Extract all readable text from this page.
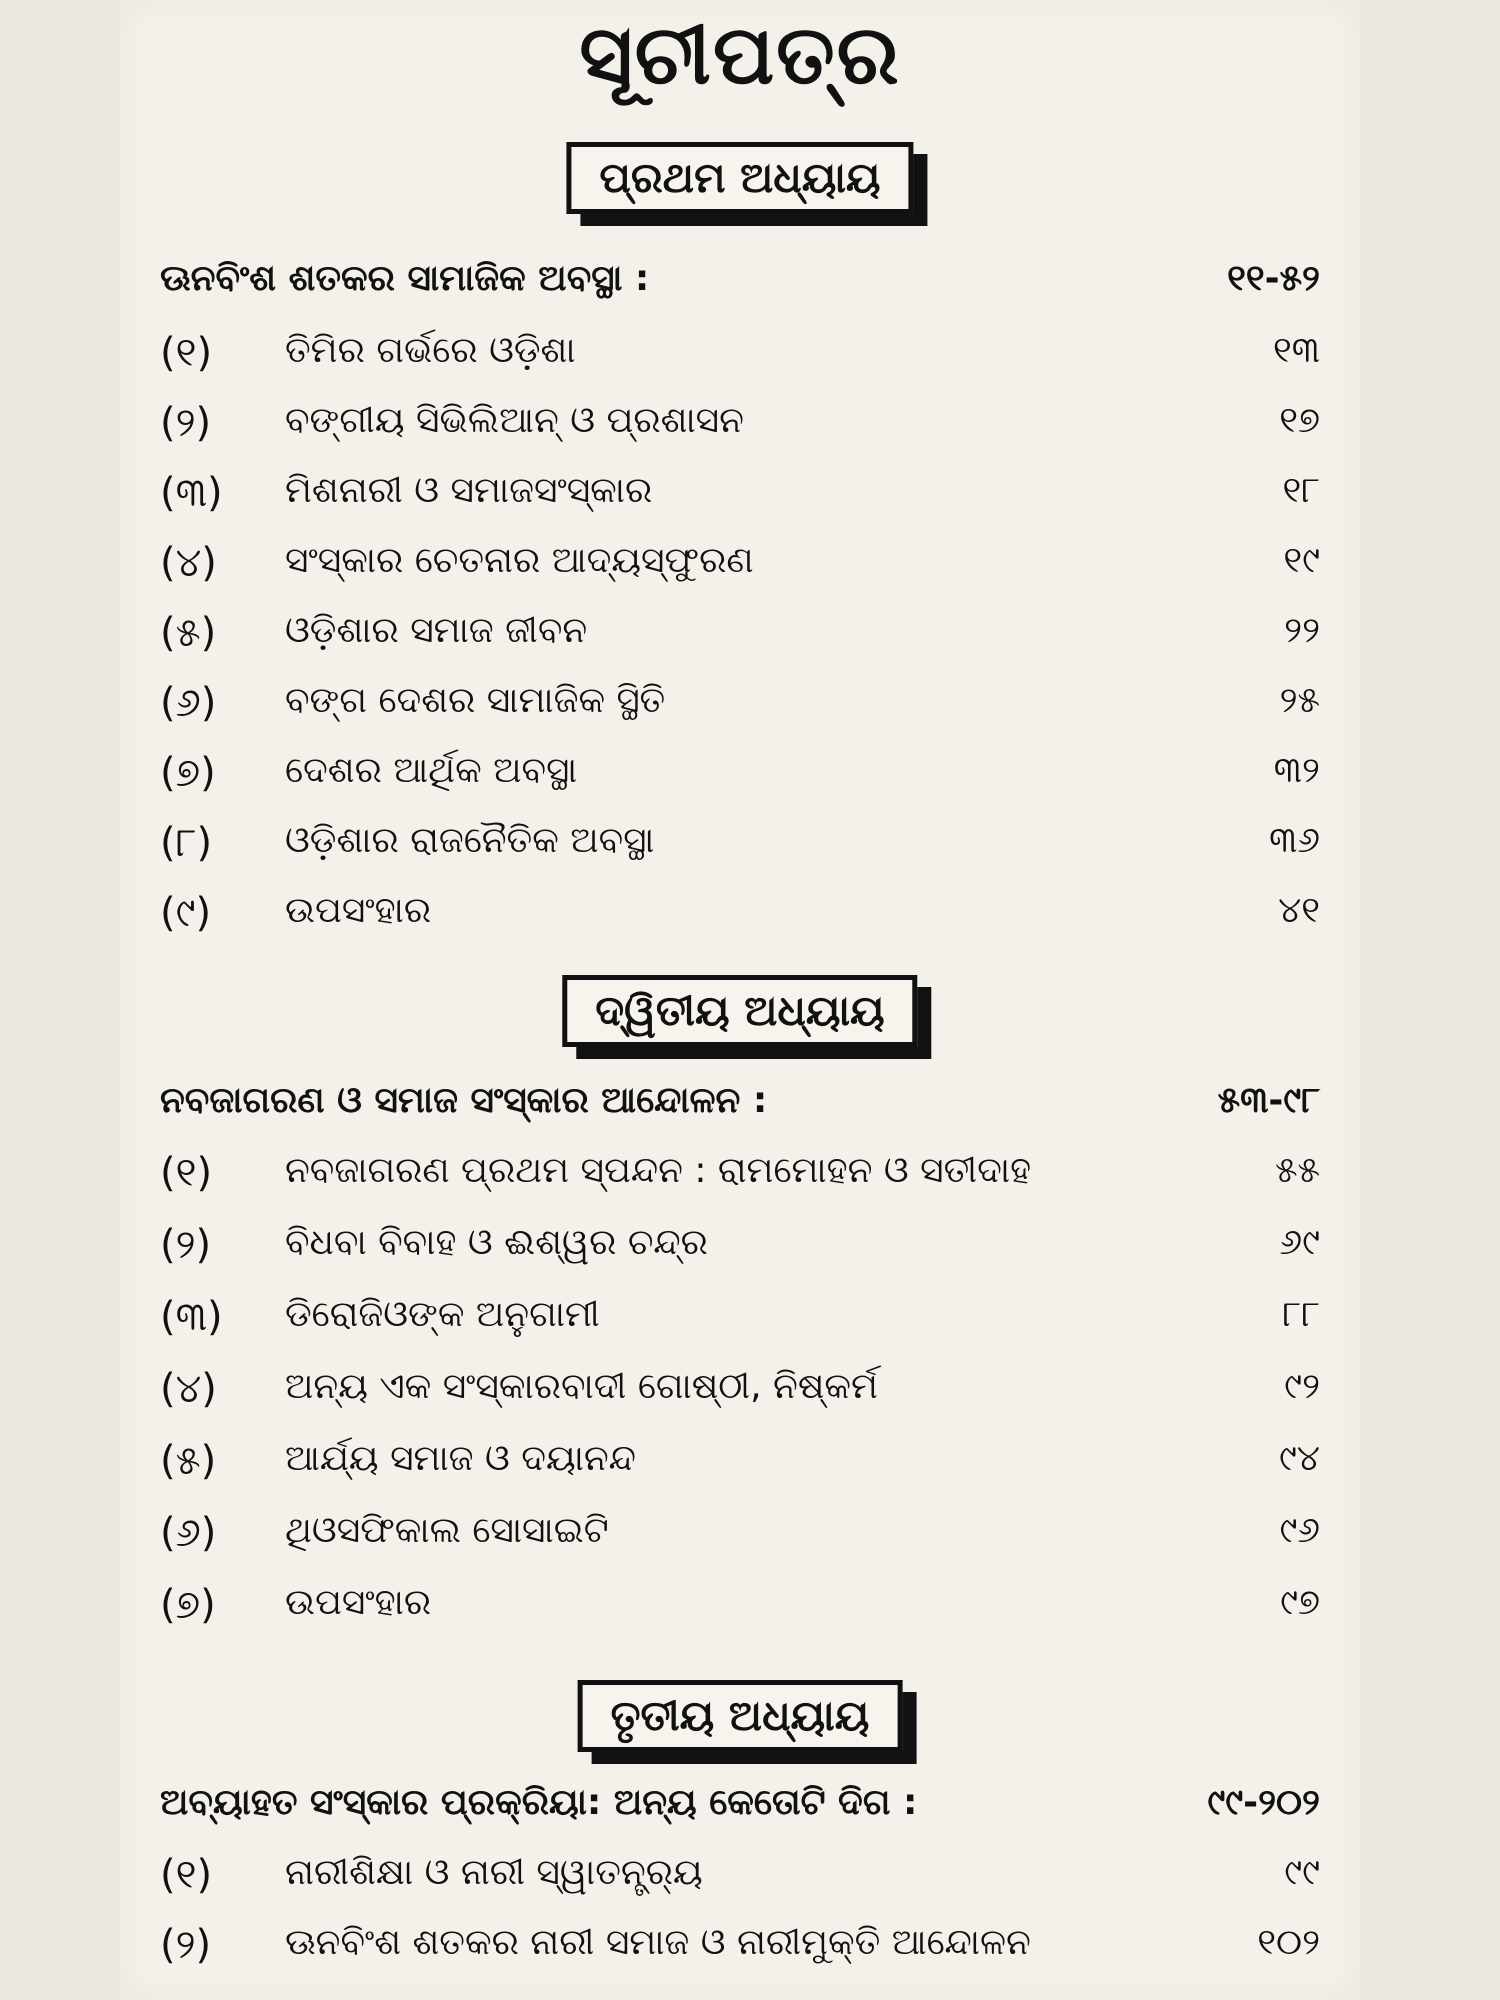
ସୂଚୀପତ୍ର
ପ୍ରଥମ ଅଧ୍ୟାୟ
ଊନବିଂଶ ଶତକର ସାମାଜିକ ଅବସ୍ଥା :	୧୧-୫୨
(୧) ତିମିର ଗର୍ଭରେ ଓଡ଼ିଶା	୧୩
(୨) ବଙ୍ଗୀୟ ସିଭିଲିଆନ୍ ଓ ପ୍ରଶାସନ	୧୭
(୩) ମିଶନାରୀ ଓ ସମାଜସଂସ୍କାର	୧୮
(୪) ସଂସ୍କାର ଚେତନାର ଆଦ୍ୟସ୍ଫୁରଣ	୧୯
(୫) ଓଡ଼ିଶାର ସମାଜ ଜୀବନ	୨୨
(୬) ବଙ୍ଗ ଦେଶର ସାମାଜିକ ସ୍ଥିତି	୨୫
(୭) ଦେଶର ଆର୍ଥିକ ଅବସ୍ଥା	୩୨
(୮) ଓଡ଼ିଶାର ରାଜନୈତିକ ଅବସ୍ଥା	୩୬
(୯) ଉପସଂହାର	୪୧
ଦ୍ୱିତୀୟ ଅଧ୍ୟାୟ
ନବଜାଗରଣ ଓ ସମାଜ ସଂସ୍କାର ଆନ୍ଦୋଳନ :	୫୩-୯୮
(୧) ନବଜାଗରଣ ପ୍ରଥମ ସ୍ପନ୍ଦନ : ରାମମୋହନ ଓ ସତୀଦାହ	୫୫
(୨) ବିଧବା ବିବାହ ଓ ଈଶ୍ୱର ଚନ୍ଦ୍ର	୬୯
(୩) ଡିରୋଜିଓଙ୍କ ଅନୁଗାମୀ	୮୮
(୪) ଅନ୍ୟ ଏକ ସଂସ୍କାରବାଦୀ ଗୋଷ୍ଠୀ, ନିଷ୍କର୍ମ	୯୨
(୫) ଆର୍ଯ୍ୟ ସମାଜ ଓ ଦୟାନନ୍ଦ	୯୪
(୬) ଥିଓସଫିକାଲ ସୋସାଇଟି	୯୬
(୭) ଉପସଂହାର	୯୭
ତୃତୀୟ ଅଧ୍ୟାୟ
ଅବ୍ୟାହତ ସଂସ୍କାର ପ୍ରକ୍ରିୟା: ଅନ୍ୟ କେତୋଟି ଦିଗ :	୯୯-୨୦୨
(୧) ନାରୀଶିକ୍ଷା ଓ ନାରୀ ସ୍ୱାତନ୍ତ୍ର୍ୟ	୯୯
(୨) ଊନବିଂଶ ଶତକର ନାରୀ ସମାଜ ଓ ନାରୀମୁକ୍ତି ଆନ୍ଦୋଳନ	୧୦୨
